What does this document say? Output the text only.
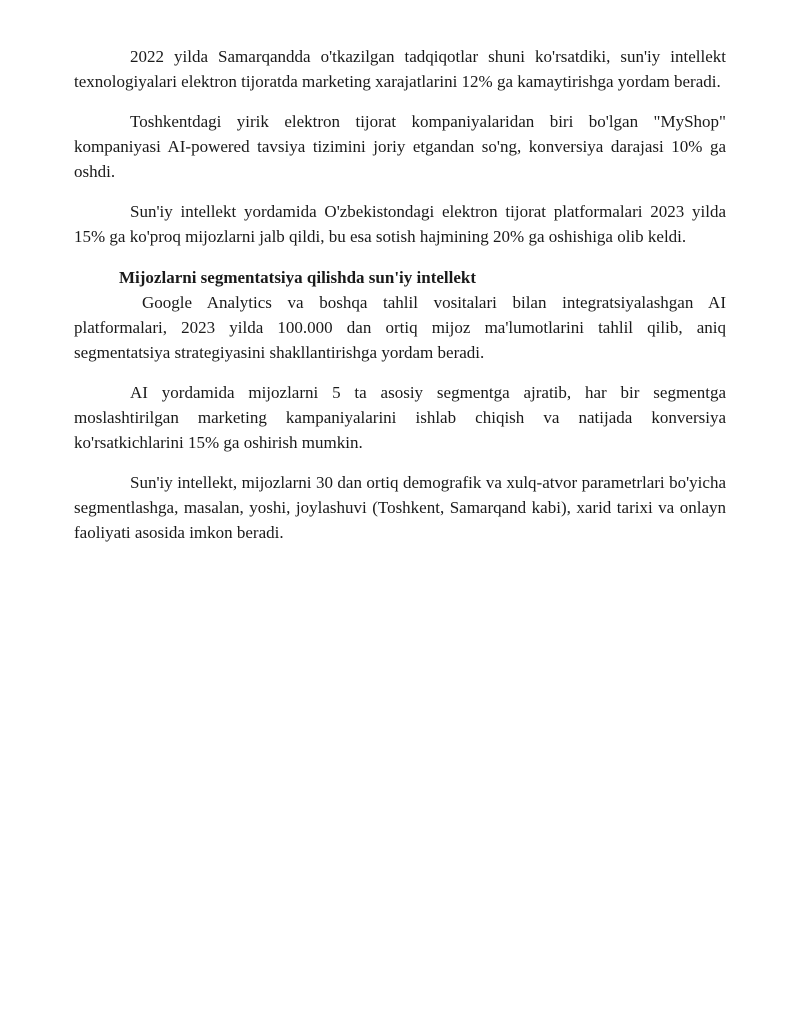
2022 yilda Samarqandda o'tkazilgan tadqiqotlar shuni ko'rsatdiki, sun'iy intellekt texnologiyalari elektron tijoratda marketing xarajatlarini 12% ga kamaytirishga yordam beradi.

Toshkentdagi yirik elektron tijorat kompaniyalaridan biri bo'lgan "MyShop" kompaniyasi AI-powered tavsiya tizimini joriy etgandan so'ng, konversiya darajasi 10% ga oshdi.

Sun'iy intellekt yordamida O'zbekistondagi elektron tijorat platformalari 2023 yilda 15% ga ko'proq mijozlarni jalb qildi, bu esa sotish hajmining 20% ga oshishiga olib keldi.

Mijozlarni segmentatsiya qilishda sun'iy intellekt

Google Analytics va boshqa tahlil vositalari bilan integratsiyalashgan AI platformalari, 2023 yilda 100.000 dan ortiq mijoz ma'lumotlarini tahlil qilib, aniq segmentatsiya strategiyasini shakllantirishga yordam beradi.

AI yordamida mijozlarni 5 ta asosiy segmentga ajratib, har bir segmentga moslashtirilgan marketing kampaniyalarini ishlab chiqish va natijada konversiya ko'rsatkichlarini 15% ga oshirish mumkin.

Sun'iy intellekt, mijozlarni 30 dan ortiq demografik va xulq-atvor parametrlari bo'yicha segmentlashga, masalan, yoshi, joylashuvi (Toshkent, Samarqand kabi), xarid tarixi va onlayn faoliyati asosida imkon beradi.
